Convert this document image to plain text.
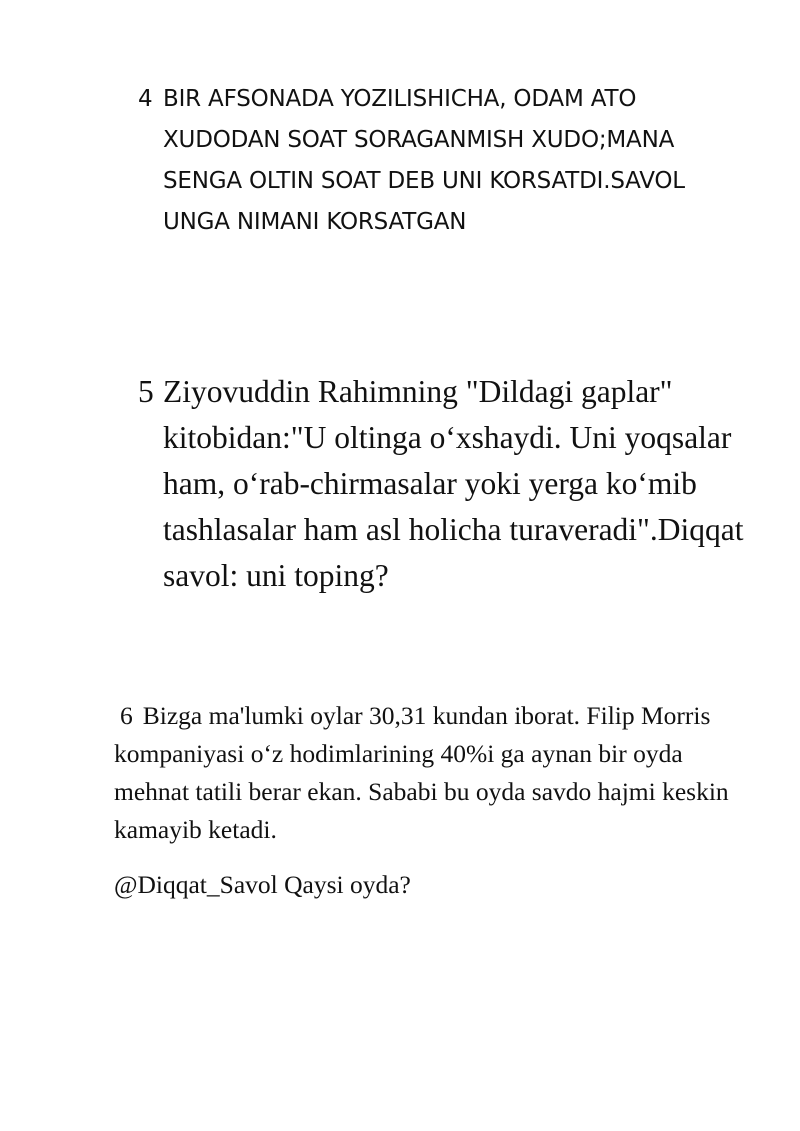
4 BIR AFSONADA YOZILISHICHA, ODAM ATO XUDODAN SOAT SORAGANMISH XUDO;MANA SENGA OLTIN SOAT DEB UNI KORSATDI.SAVOL UNGA NIMANI KORSATGAN
5 Ziyovuddin Rahimning "Dildagi gaplar" kitobidan:"U oltinga o‘xshaydi. Uni yoqsalar ham, o‘rab-chirmasalar yoki yerga ko‘mib tashlasalar ham asl holicha turaveradi".Diqqat savol: uni toping?
6 Bizga ma'lumki oylar 30,31 kundan iborat. Filip Morris kompaniyasi o‘z hodimlarining 40%i ga aynan bir oyda mehnat tatili berar ekan. Sababi bu oyda savdo hajmi keskin kamayib ketadi.
@Diqqat_Savol Qaysi oyda?
